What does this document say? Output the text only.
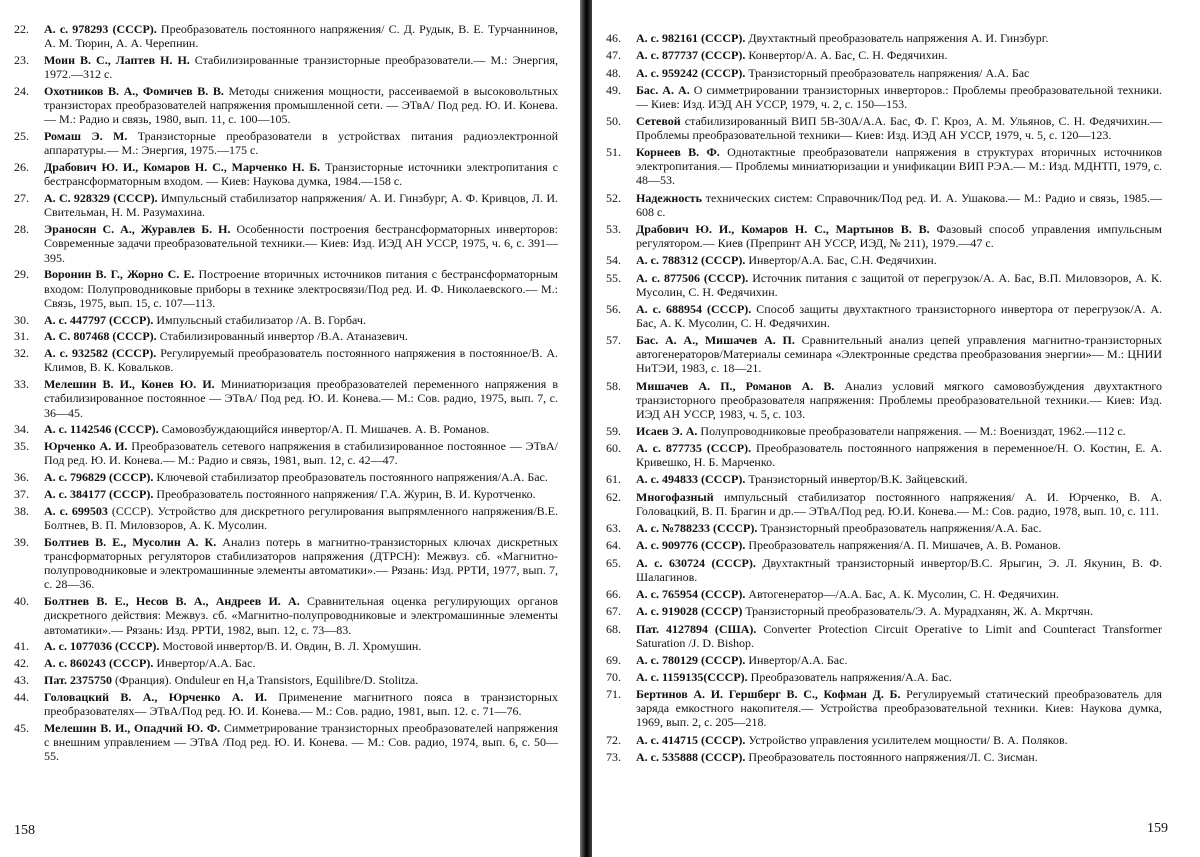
22.	А. с. 978293 (СССР). Преобразователь постоянного напряжения/ С. Д. Рудык, В. Е. Турчаннинов, А. М. Тюрин, А. А. Черепнин.
23.	Моин В. С., Лаптев Н. Н. Стабилизированные транзисторные преобразователи.— М.: Энергия, 1972.—312 с.
24.	Охотников В. А., Фомичев В. В. Методы снижения мощности, рассеиваемой в высоковольтных транзисторах преобразователей напряжения промышленной сети. — ЭТвА/ Под ред. Ю. И. Конева.— М.: Радио и связь, 1980, вып. 11, с. 100—105.
25.	Ромаш Э. М. Транзисторные преобразователи в устройствах питания радиоэлектронной аппаратуры.— М.: Энергия, 1975.—175 с.
26.	Драбович Ю. И., Комаров Н. С., Марченко Н. Б. Транзисторные источники электропитания с бестрансформаторным входом. — Киев: Наукова думка, 1984.—158 с.
27.	А. С. 928329 (СССР). Импульсный стабилизатор напряжения/ А. И. Гинзбург, А. Ф. Кривцов, Л. И. Свительман, Н. М. Разумахина.
28.	Эраносян С. А., Журавлев Б. Н. Особенности построения бестрансформаторных инверторов: Современные задачи преобразовательной техники.— Киев: Изд. ИЭД АН УССР, 1975, ч. 6, с. 391—395.
29.	Воронин В. Г., Жорно С. Е. Построение вторичных источников питания с бестрансформаторным входом: Полупроводниковые приборы в технике электросвязи/Под ред. И. Ф. Николаевского.— М.: Связь, 1975, вып. 15, с. 107—113.
30.	А. с. 447797 (СССР). Импульсный стабилизатор /А. В. Горбач.
31.	А. С. 807468 (СССР). Стабилизированный инвертор /В.А. Атаназевич.
32.	А. с. 932582 (СССР). Регулируемый преобразователь постоянного напряжения в постоянное/В. А. Климов, В. К. Ковальков.
33.	Мелешин В. И., Конев Ю. И. Миниатюризация преобразователей переменного напряжения в стабилизированное постоянное — ЭТвА/ Под ред. Ю. И. Конева.— М.: Сов. радио, 1975, вып. 7, с. 36—45.
34.	А. с. 1142546 (СССР). Самовозбуждающийся инвертор/А. П. Мишачев. А. В. Романов.
35.	Юрченко А. И. Преобразователь сетевого напряжения в стабилизированное постоянное — ЭТвА/Под ред. Ю. И. Конева.— М.: Радио и связь, 1981, вып. 12, с. 42—47.
36.	А. с. 796829 (СССР). Ключевой стабилизатор преобразователь постоянного напряжения/А.А. Бас.
37.	А. с. 384177 (СССР). Преобразователь постоянного напряжения/ Г.А. Журин, В. И. Куротченко.
38.	А. с. 699503 (СССР). Устройство для дискретного регулирования выпрямленного напряжения/В.Е. Болтнев, В. П. Миловзоров, А. К. Мусолин.
39.	Болтнев В. Е., Мусолин А. К. Анализ потерь в магнитно-транзисторных ключах дискретных трансформаторных регуляторов стабилизаторов напряжения (ДТРСН): Межвуз. сб. «Магнитно-полупроводниковые и электромашинные элементы автоматики».— Рязань: Изд. РРТИ, 1977, вып. 7, с. 28—36.
40.	Болтнев В. Е., Несов В. А., Андреев И. А. Сравнительная оценка регулирующих органов дискретного действия: Межвуз. сб. «Магнитно-полупроводниковые и электромашинные элементы автоматики».— Рязань: Изд. РРТИ, 1982, вып. 12, с. 73—83.
41.	А. с. 1077036 (СССР). Мостовой инвертор/В. И. Овдин, В. Л. Хромушин.
42.	А. с. 860243 (СССР). Инвертор/А.А. Бас.
43.	Пат. 2375750 (Франция). Onduleur en H,a Transistors, Equilibre/D. Stolitza.
44.	Головацкий В. А., Юрченко А. И. Применение магнитного пояса в транзисторных преобразователях— ЭТвА/Под ред. Ю. И. Конева.— М.: Сов. радио, 1981, вып. 12. с. 71—76.
45.	Мелешин В. И., Опадчий Ю. Ф. Симметрирование транзисторных преобразователей напряжения с внешним управлением — ЭТвА /Под ред. Ю. И. Конева. — М.: Сов. радио, 1974, вып. 6, с. 50—55.
158
46.	А. с. 982161 (СССР). Двухтактный преобразователь напряжения А. И. Гинзбург.
47.	А. с. 877737 (СССР). Конвертор/А. А. Бас, С. Н. Федячихин.
48.	А. с. 959242 (СССР). Транзисторный преобразователь напряжения/ А.А. Бас
49.	Бас. А. А. О симметрировании транзисторных инверторов.: Проблемы преобразовательной техники.— Киев: Изд. ИЭД АН УССР, 1979, ч. 2, с. 150—153.
50.	Сетевой стабилизированный ВИП 5В-30А/А.А. Бас, Ф. Г. Кроз, А. М. Ульянов, С. Н. Федячихин.— Проблемы преобразовательной техники— Киев: Изд. ИЭД АН УССР, 1979, ч. 5, с. 120—123.
51.	Корнеев В. Ф. Однотактные преобразователи напряжения в структурах вторичных источников электропитания.— Проблемы миниатюризации и унификации ВИП РЭА.— М.: Изд. МДНТП, 1979, с. 48—53.
52.	Надежность технических систем: Справочник/Под ред. И. А. Ушакова.— М.: Радио и связь, 1985.— 608 с.
53.	Драбович Ю. И., Комаров Н. С., Мартынов В. В. Фазовый способ управления импульсным регулятором.— Киев (Препринт АН УССР, ИЭД, № 211), 1979.—47 с.
54.	А. с. 788312 (СССР). Инвертор/А.А. Бас, С.Н. Федячихин.
55.	А. с. 877506 (СССР). Источник питания с защитой от перегрузок/А. А. Бас, В.П. Миловзоров, А. К. Мусолин, С. Н. Федячихин.
56.	А. с. 688954 (СССР). Способ защиты двухтактного транзисторного инвертора от перегрузок/А. А. Бас, А. К. Мусолин, С. Н. Федячихин.
57.	Бас. А. А., Мишачев А. П. Сравнительный анализ цепей управления магнитно-транзисторных автогенераторов/Материалы семинара «Электронные средства преобразования энергии»— М.: ЦНИИ НиТЭИ, 1983, с. 18—21.
58.	Мишачев А. П., Романов А. В. Анализ условий мягкого самовозбуждения двухтактного транзисторного преобразователя напряжения: Проблемы преобразовательной техники.— Киев: Изд. ИЭД АН УССР, 1983, ч. 5, с. 103.
59.	Исаев Э. А. Полупроводниковые преобразователи напряжения. — М.: Воениздат, 1962.—112 с.
60.	А. с. 877735 (СССР). Преобразователь постоянного напряжения в переменное/Н. О. Костин, Е. А. Кривешко, Н. Б. Марченко.
61.	А. с. 494833 (СССР). Транзисторный инвертор/В.К. Зайцевский.
62.	Многофазный импульсный стабилизатор постоянного напряжения/ А. И. Юрченко, В. А. Головацкий, В. П. Брагин и др.— ЭТвА/Под ред. Ю.И. Конева.— М.: Сов. радио, 1978, вып. 10, с. 111.
63.	А. с. №788233 (СССР). Транзисторный преобразователь напряжения/А.А. Бас.
64.	А. с. 909776 (СССР). Преобразователь напряжения/А. П. Мишачев, А. В. Романов.
65.	А. с. 630724 (СССР). Двухтактный транзисторный инвертор/В.С. Ярыгин, Э. Л. Якунин, В. Ф. Шалагинов.
66.	А. с. 765954 (СССР). Автогенератор—/А.А. Бас, А. К. Мусолин, С. Н. Федячихин.
67.	А. с. 919028 (СССР) Транзисторный преобразователь/Э. А. Мурадханян, Ж. А. Мкртчян.
68.	Пат. 4127894 (США). Converter Protection Circuit Operative to Limit and Counteract Transformer Saturation /J. D. Bishop.
69.	А. с. 780129 (СССР). Инвертор/А.А. Бас.
70.	А. с. 1159135(СССР). Преобразователь напряжения/А.А. Бас.
71.	Бертинов А. И. Гершберг В. С., Кофман Д. Б. Регулируемый статический преобразователь для заряда емкостного накопителя.— Устройства преобразовательной техники. Киев: Наукова думка, 1969, вып. 2, с. 205—218.
72.	А. с. 414715 (СССР). Устройство управления усилителем мощности/ В. А. Поляков.
73.	А. с. 535888 (СССР). Преобразователь постоянного напряжения/Л. С. Зисман.
159
